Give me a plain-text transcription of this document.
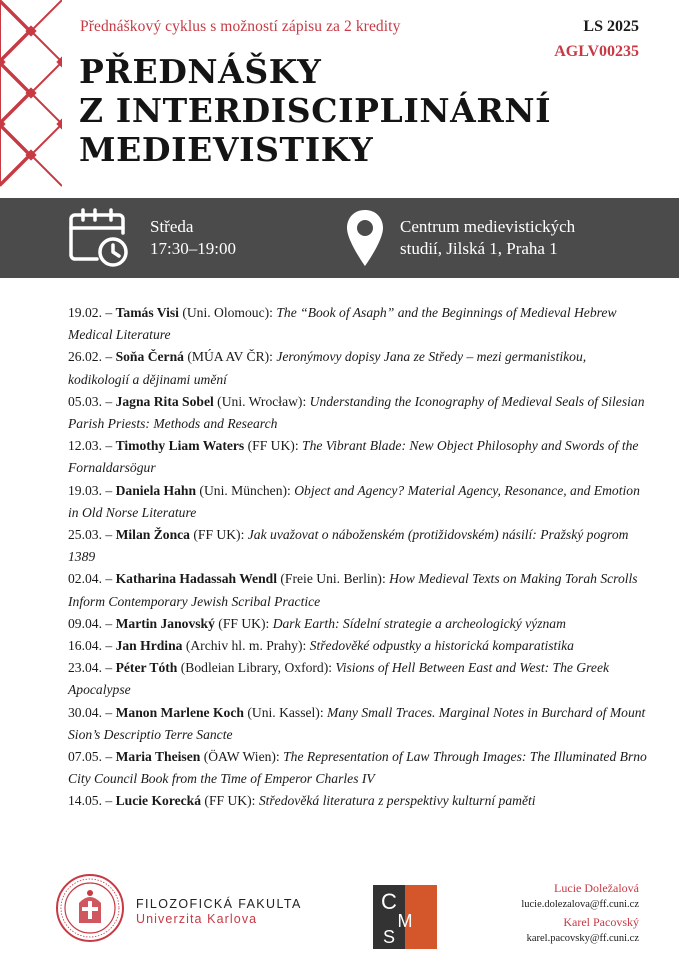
Přednáškový cyklus s možností zápisu za 2 kredity	LS 2025
AGLV00235
PŘEDNÁŠKY
Z INTERDISCIPLINÁRNÍ
MEDIEVISTIKY
Středa
17:30–19:00
Centrum medievistických
studií, Jilská 1, Praha 1
19.02. – Tamás Visi (Uni. Olomouc): The “Book of Asaph” and the Beginnings of Medieval Hebrew Medical Literature
26.02. – Soňa Černá (MÚA AV ČR): Jeronýmovy dopisy Jana ze Středy – mezi germanistikou, kodikologií a dějinami umění
05.03. – Jagna Rita Sobel (Uni. Wrocław): Understanding the Iconography of Medieval Seals of Silesian Parish Priests: Methods and Research
12.03. – Timothy Liam Waters (FF UK): The Vibrant Blade: New Object Philosophy and Swords of the Fornaldarsögur
19.03. – Daniela Hahn (Uni. München): Object and Agency? Material Agency, Resonance, and Emotion in Old Norse Literature
25.03. – Milan Žonca (FF UK): Jak uvažovat o náboženském (protižidovském) násilí: Pražský pogrom 1389
02.04. – Katharina Hadassah Wendl (Freie Uni. Berlin): How Medieval Texts on Making Torah Scrolls Inform Contemporary Jewish Scribal Practice
09.04. – Martin Janovský (FF UK): Dark Earth: Sídelní strategie a archeologický význam
16.04. – Jan Hrdina (Archiv hl. m. Prahy): Středověké odpustky a historická komparatistika
23.04. – Péter Tóth (Bodleian Library, Oxford): Visions of Hell Between East and West: The Greek Apocalypse
30.04. – Manon Marlene Koch (Uni. Kassel): Many Small Traces. Marginal Notes in Burchard of Mount Sion’s Descriptio Terre Sancte
07.05. – Maria Theisen (ÖAW Wien): The Representation of Law Through Images: The Illuminated Brno City Council Book from the Time of Emperor Charles IV
14.05. – Lucie Korecká (FF UK): Středověká literatura z perspektivy kulturní paměti
FILOZOFICKÁ FAKULTA
Univerzita Karlova
C
M
S
Lucie Doležalová
lucie.dolezalova@ff.cuni.cz
Karel Pacovský
karel.pacovsky@ff.cuni.cz
